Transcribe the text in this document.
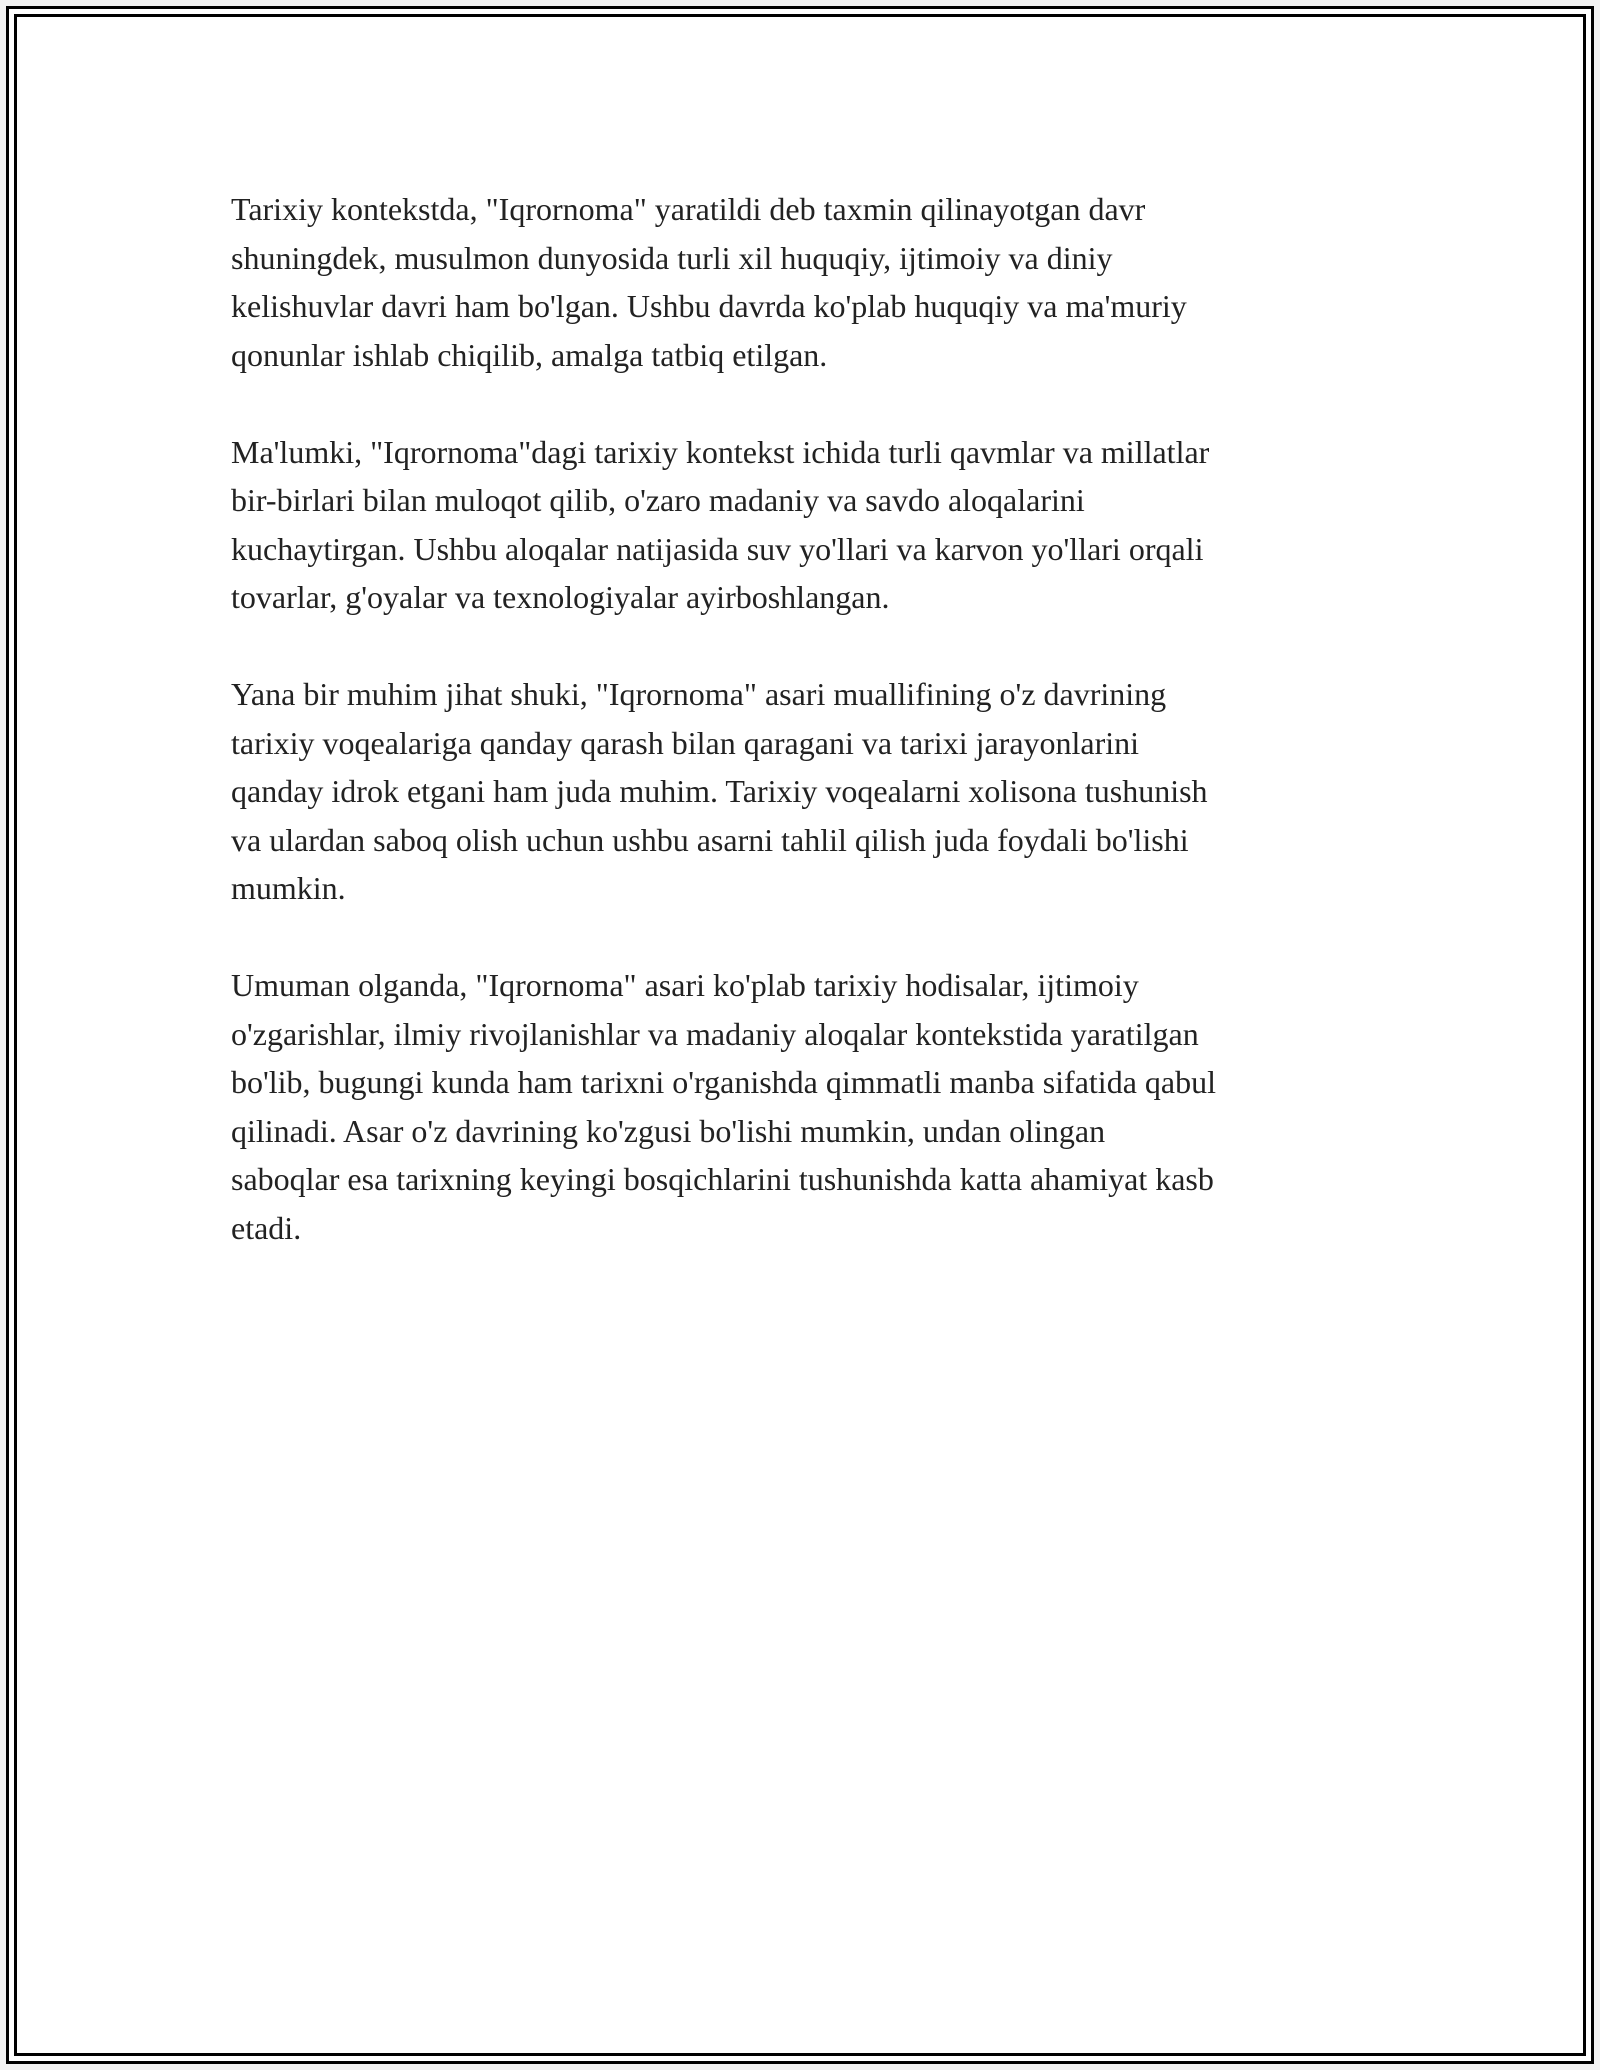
Tarixiy kontekstda, "Iqrornoma" yaratildi deb taxmin qilinayotgan davr
shuningdek, musulmon dunyosida turli xil huquqiy, ijtimoiy va diniy
kelishuvlar davri ham bo'lgan. Ushbu davrda ko'plab huquqiy va ma'muriy
qonunlar ishlab chiqilib, amalga tatbiq etilgan.

Ma'lumki, "Iqrornoma"dagi tarixiy kontekst ichida turli qavmlar va millatlar
bir-birlari bilan muloqot qilib, o'zaro madaniy va savdo aloqalarini
kuchaytirgan. Ushbu aloqalar natijasida suv yo'llari va karvon yo'llari orqali
tovarlar, g'oyalar va texnologiyalar ayirboshlangan.

Yana bir muhim jihat shuki, "Iqrornoma" asari muallifining o'z davrining
tarixiy voqealariga qanday qarash bilan qaragani va tarixi jarayonlarini
qanday idrok etgani ham juda muhim. Tarixiy voqealarni xolisona tushunish
va ulardan saboq olish uchun ushbu asarni tahlil qilish juda foydali bo'lishi
mumkin.

Umuman olganda, "Iqrornoma" asari ko'plab tarixiy hodisalar, ijtimoiy
o'zgarishlar, ilmiy rivojlanishlar va madaniy aloqalar kontekstida yaratilgan
bo'lib, bugungi kunda ham tarixni o'rganishda qimmatli manba sifatida qabul
qilinadi. Asar o'z davrining ko'zgusi bo'lishi mumkin, undan olingan
saboqlar esa tarixning keyingi bosqichlarini tushunishda katta ahamiyat kasb
etadi.
